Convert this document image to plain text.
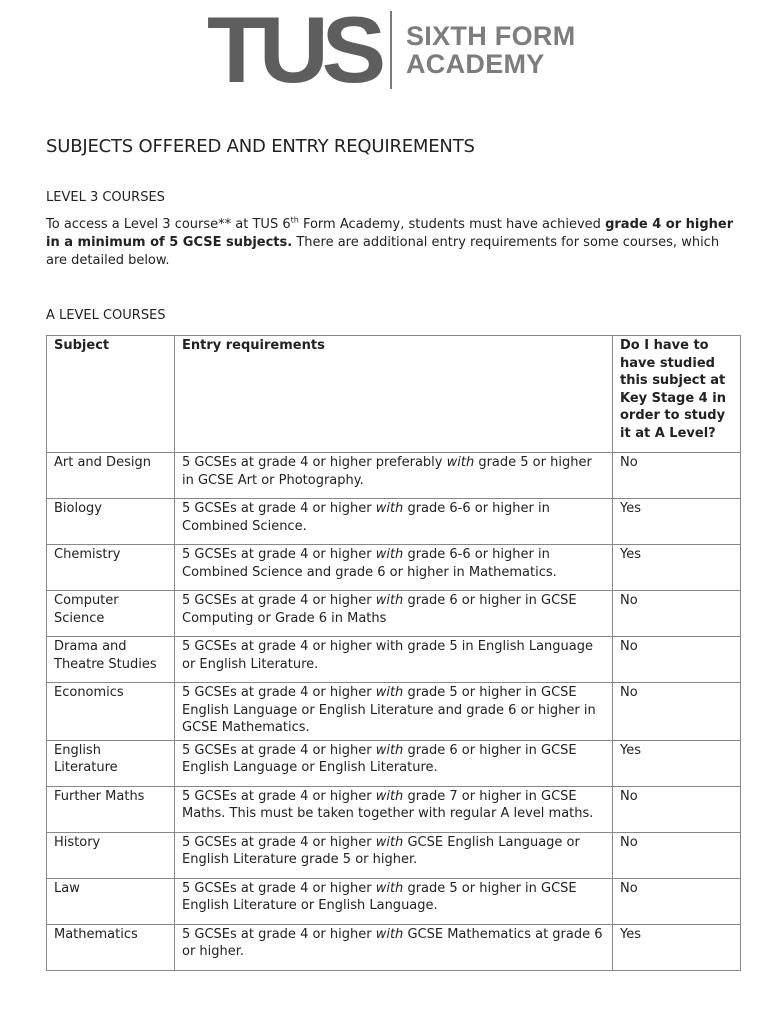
TUS SIXTH FORM
ACADEMY
SUBJECTS OFFERED AND ENTRY REQUIREMENTS
LEVEL 3 COURSES
To access a Level 3 course** at TUS 6th Form Academy, students must have achieved grade 4 or higher in a minimum of 5 GCSE subjects. There are additional entry requirements for some courses, which are detailed below.
A LEVEL COURSES
Subject	Entry requirements	Do I have to have studied this subject at Key Stage 4 in order to study it at A Level?
Art and Design	5 GCSEs at grade 4 or higher preferably with grade 5 or higher in GCSE Art or Photography.	No
Biology	5 GCSEs at grade 4 or higher with grade 6-6 or higher in Combined Science.	Yes
Chemistry	5 GCSEs at grade 4 or higher with grade 6-6 or higher in Combined Science and grade 6 or higher in Mathematics.	Yes
Computer Science	5 GCSEs at grade 4 or higher with grade 6 or higher in GCSE Computing or Grade 6 in Maths	No
Drama and Theatre Studies	5 GCSEs at grade 4 or higher with grade 5 in English Language or English Literature.	No
Economics	5 GCSEs at grade 4 or higher with grade 5 or higher in GCSE English Language or English Literature and grade 6 or higher in GCSE Mathematics.	No
English Literature	5 GCSEs at grade 4 or higher with grade 6 or higher in GCSE English Language or English Literature.	Yes
Further Maths	5 GCSEs at grade 4 or higher with grade 7 or higher in GCSE Maths. This must be taken together with regular A level maths.	No
History	5 GCSEs at grade 4 or higher with GCSE English Language or English Literature grade 5 or higher.	No
Law	5 GCSEs at grade 4 or higher with grade 5 or higher in GCSE English Literature or English Language.	No
Mathematics	5 GCSEs at grade 4 or higher with GCSE Mathematics at grade 6 or higher.	Yes
